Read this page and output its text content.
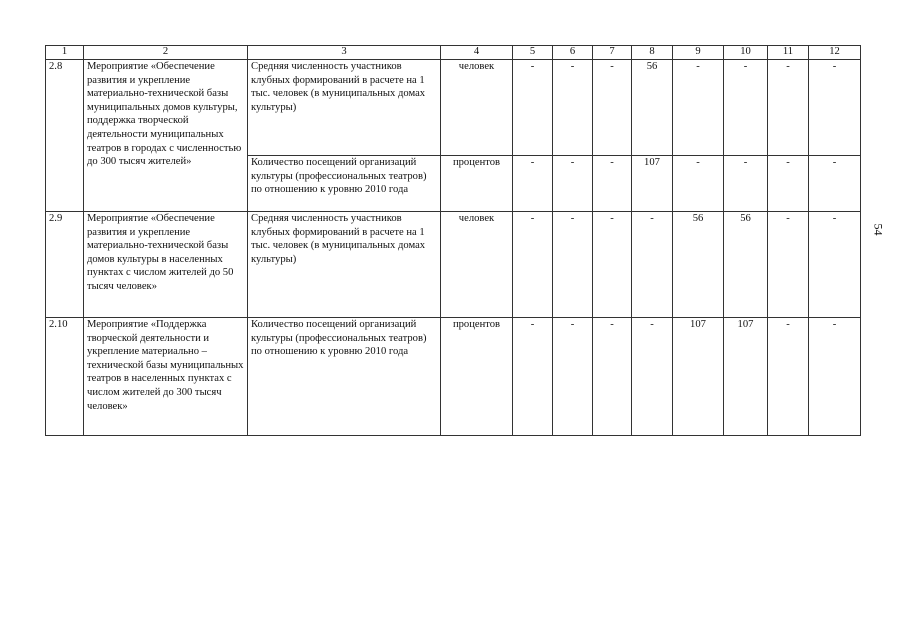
1	2	3	4	5	6	7	8	9	10	11	12
2.8	Мероприятие «Обеспечение развития и укрепление материально-технической базы муниципальных домов культуры, поддержка творческой деятельности муниципальных театров в городах с численностью до 300 тысяч жителей»	Средняя численность участников клубных формирований в расчете на 1 тыс. человек (в муниципальных домах культуры)	человек	-	-	-	56	-	-	-	-
		Количество посещений организаций культуры (профессиональных театров) по отношению к уровню 2010 года	процентов	-	-	-	107	-	-	-	-
2.9	Мероприятие «Обеспечение развития и укрепление материально-технической базы домов культуры в населенных пунктах с числом жителей до 50 тысяч человек»	Средняя численность участников клубных формирований в расчете на 1 тыс. человек (в муниципальных домах культуры)	человек	-	-	-	-	56	56	-	-
2.10	Мероприятие «Поддержка творческой деятельности и укрепление материально – технической базы муниципальных театров в населенных пунктах с числом жителей до 300 тысяч человек»	Количество посещений организаций культуры (профессиональных театров) по отношению к уровню 2010 года	процентов	-	-	-	-	107	107	-	-
54
